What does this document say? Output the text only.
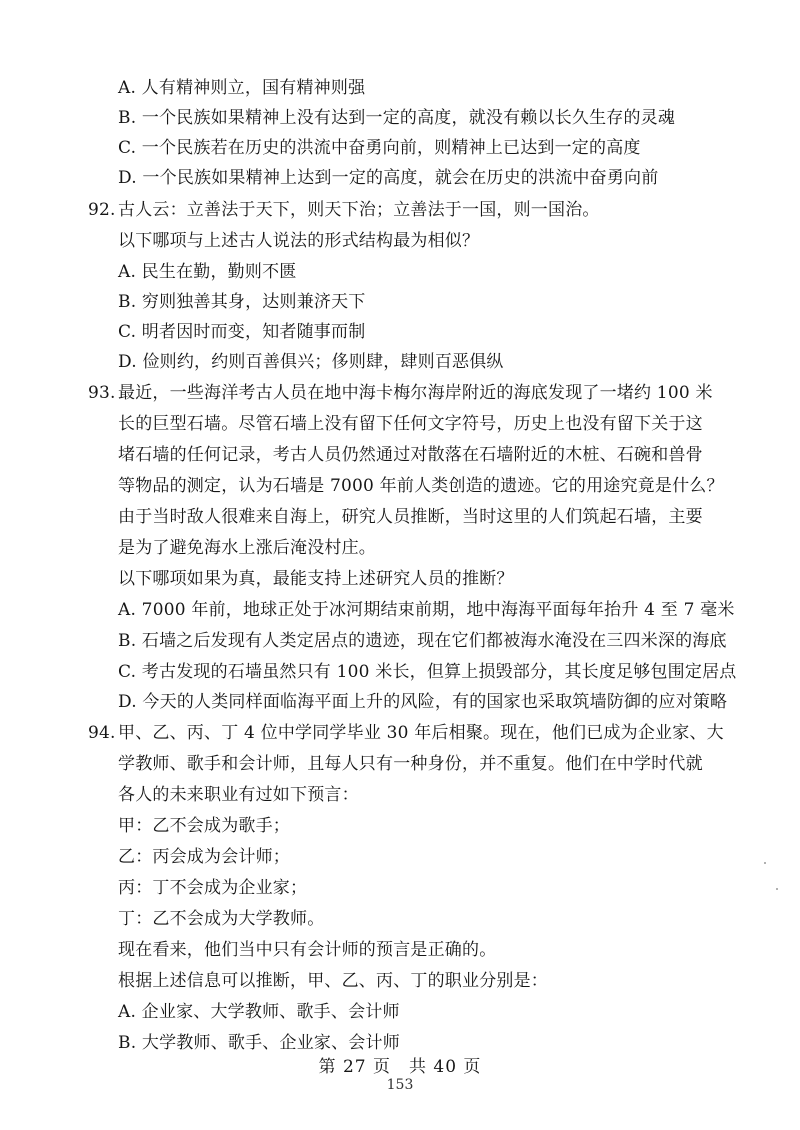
A. 人有精神则立，国有精神则强
B. 一个民族如果精神上没有达到一定的高度，就没有赖以长久生存的灵魂
C. 一个民族若在历史的洪流中奋勇向前，则精神上已达到一定的高度
D. 一个民族如果精神上达到一定的高度，就会在历史的洪流中奋勇向前
92. 古人云：立善法于天下，则天下治；立善法于一国，则一国治。
以下哪项与上述古人说法的形式结构最为相似？
A. 民生在勤，勤则不匮
B. 穷则独善其身，达则兼济天下
C. 明者因时而变，知者随事而制
D. 俭则约，约则百善俱兴；侈则肆，肆则百恶俱纵
93. 最近，一些海洋考古人员在地中海卡梅尔海岸附近的海底发现了一堵约 100 米
长的巨型石墙。尽管石墙上没有留下任何文字符号，历史上也没有留下关于这
堵石墙的任何记录，考古人员仍然通过对散落在石墙附近的木桩、石碗和兽骨
等物品的测定，认为石墙是 7000 年前人类创造的遗迹。它的用途究竟是什么？
由于当时敌人很难来自海上，研究人员推断，当时这里的人们筑起石墙，主要
是为了避免海水上涨后淹没村庄。
以下哪项如果为真，最能支持上述研究人员的推断？
A. 7000 年前，地球正处于冰河期结束前期，地中海海平面每年抬升 4 至 7 毫米
B. 石墙之后发现有人类定居点的遗迹，现在它们都被海水淹没在三四米深的海底
C. 考古发现的石墙虽然只有 100 米长，但算上损毁部分，其长度足够包围定居点
D. 今天的人类同样面临海平面上升的风险，有的国家也采取筑墙防御的应对策略
94. 甲、乙、丙、丁 4 位中学同学毕业 30 年后相聚。现在，他们已成为企业家、大
学教师、歌手和会计师，且每人只有一种身份，并不重复。他们在中学时代就
各人的未来职业有过如下预言：
甲：乙不会成为歌手；
乙：丙会成为会计师；
丙：丁不会成为企业家；
丁：乙不会成为大学教师。
现在看来，他们当中只有会计师的预言是正确的。
根据上述信息可以推断，甲、乙、丙、丁的职业分别是：
A. 企业家、大学教师、歌手、会计师
B. 大学教师、歌手、企业家、会计师
第 27 页　共 40 页
153
